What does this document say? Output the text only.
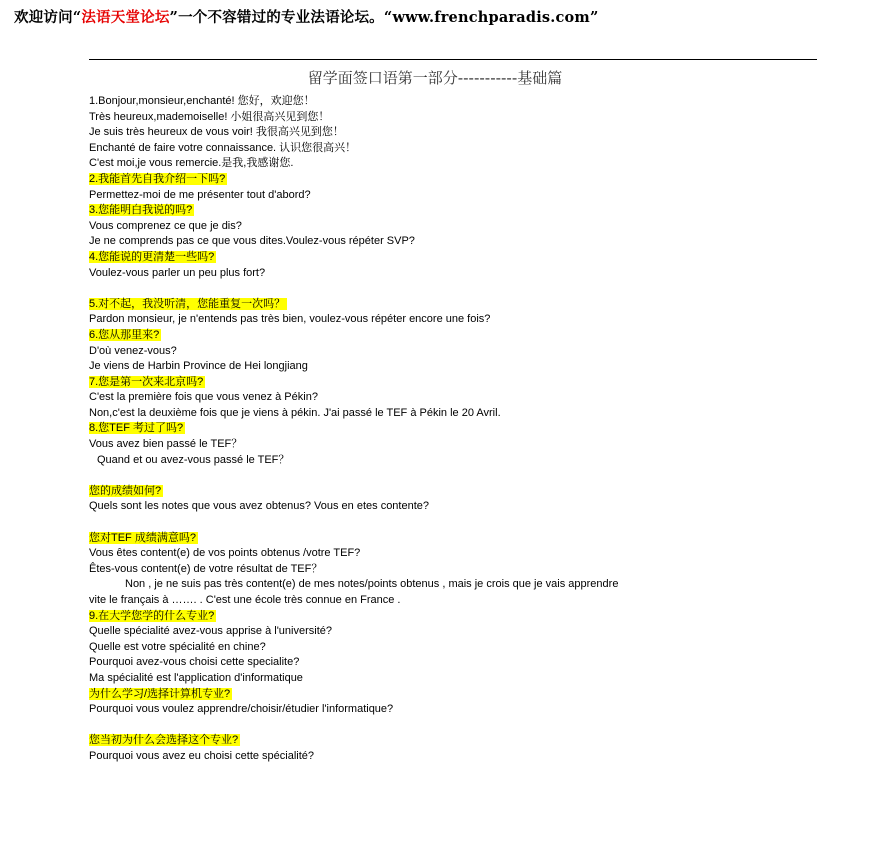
欢迎访问“法语天堂论坛”一个不容错过的专业法语论坛。“www.frenchparadis.com”
留学面签口语第一部分-----------基础篇
1.Bonjour,monsieur,enchanté! 您好，欢迎您！
Très heureux,mademoiselle! 小姐很高兴见到您！
Je suis très heureux de vous voir! 我很高兴见到您！
Enchanté de faire votre connaissance. 认识您很高兴！
C'est moi,je vous remercie.是我,我感谢您.
2.我能首先自我介绍一下吗?
Permettez-moi de me présenter tout d'abord?
3.您能明白我说的吗?
Vous comprenez ce que je dis?
Je ne comprends pas ce que vous dites.Voulez-vous répéter SVP?
4.您能说的更清楚一些吗?
Voulez-vous parler un peu plus fort?
5.对不起，我没听清，您能重复一次吗？
Pardon monsieur, je n'entends pas très bien, voulez-vous répéter encore une fois?
6.您从那里来?
D'où venez-vous?
Je viens de Harbin Province de Hei longjiang
7.您是第一次来北京吗?
C'est la première fois que vous venez à Pékin?
Non,c'est la deuxième fois que je viens à pékin. J'ai passé le TEF à Pékin le 20 Avril.
8.您TEF 考过了吗?
Vous avez bien passé le TEF？
Quand et ou avez-vous passé le TEF？
您的成绩如何?
Quels sont les notes que vous avez obtenus? Vous en etes contente?
您对TEF 成绩满意吗?
Vous êtes content(e) de vos points obtenus /votre TEF?
Êtes-vous content(e) de votre résultat de TEF？
Non , je ne suis pas très content(e) de mes notes/points obtenus , mais je crois que je vais apprendre
vite le français à ……. . C'est une école très connue en France .
9.在大学您学的什么专业?
Quelle spécialité avez-vous apprise à l'université?
Quelle est votre spécialité en chine?
Pourquoi avez-vous choisi cette specialite?
Ma spécialité est l'application d'informatique
为什么学习/选择计算机专业?
Pourquoi vous voulez apprendre/choisir/étudier l'informatique?
您当初为什么会选择这个专业?
Pourquoi vous avez eu choisi cette spécialité?
